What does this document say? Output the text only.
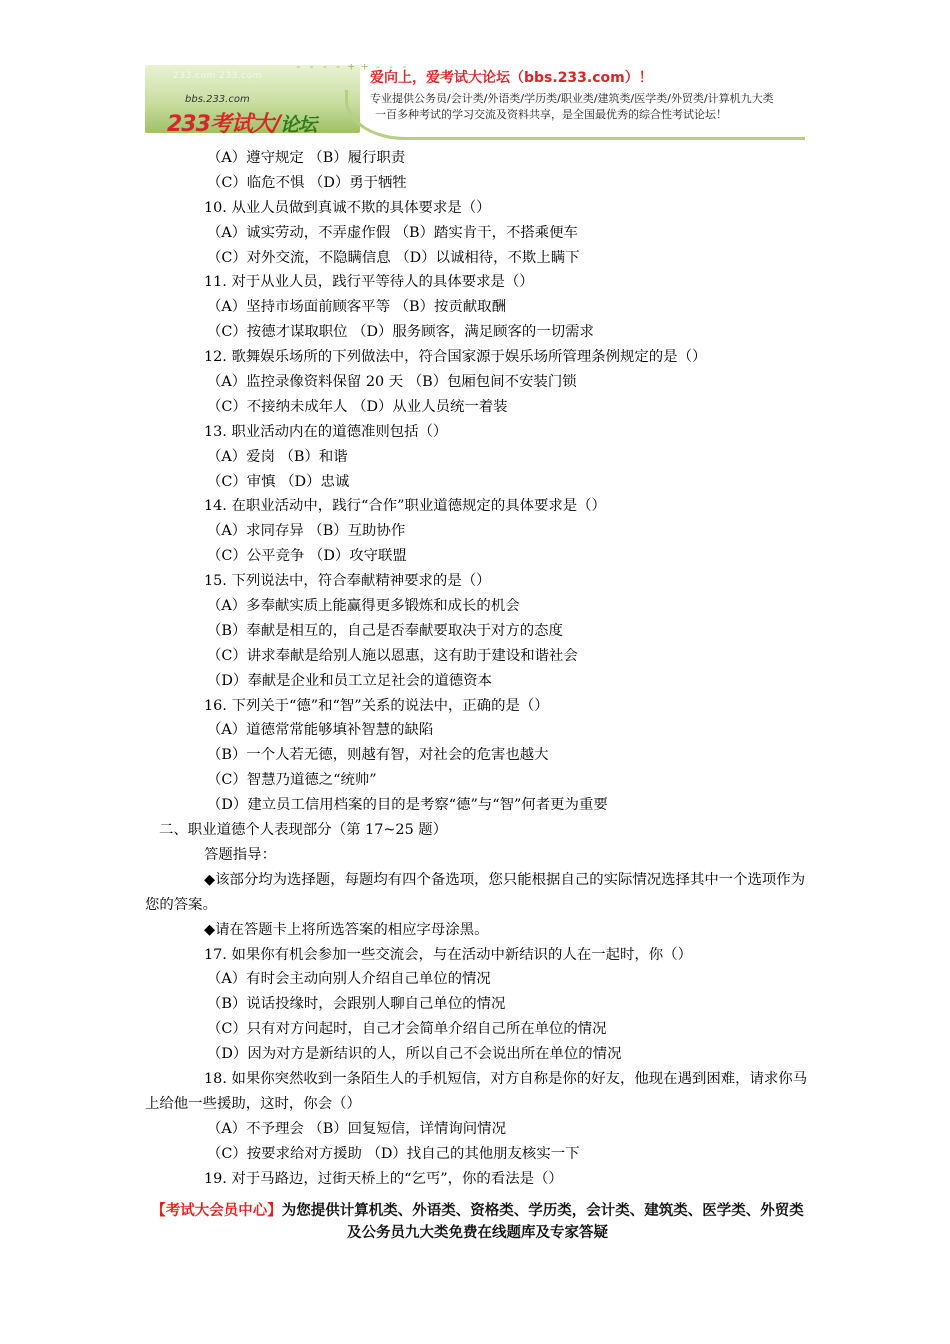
233.com 233.com
bbs.233.com
233考试大/论坛
- - - - + + - - -
爱向上，爱考试大论坛（bbs.233.com）！
专业提供公务员/会计类/外语类/学历类/职业类/建筑类/医学类/外贸类/计算机九大类
一百多种考试的学习交流及资料共享，是全国最优秀的综合性考试论坛！
（A）遵守规定 （B）履行职责
（C）临危不惧 （D）勇于牺牲
10. 从业人员做到真诚不欺的具体要求是（）
（A）诚实劳动，不弄虚作假 （B）踏实肯干，不搭乘便车
（C）对外交流，不隐瞒信息 （D）以诚相待，不欺上瞒下
11. 对于从业人员，践行平等待人的具体要求是（）
（A）坚持市场面前顾客平等 （B）按贡献取酬
（C）按德才谋取职位 （D）服务顾客，满足顾客的一切需求
12. 歌舞娱乐场所的下列做法中，符合国家源于娱乐场所管理条例规定的是（）
（A）监控录像资料保留 20 天 （B）包厢包间不安装门锁
（C）不接纳未成年人 （D）从业人员统一着装
13. 职业活动内在的道德准则包括（）
（A）爱岗 （B）和谐
（C）审慎 （D）忠诚
14. 在职业活动中，践行“合作”职业道德规定的具体要求是（）
（A）求同存异 （B）互助协作
（C）公平竞争 （D）攻守联盟
15. 下列说法中，符合奉献精神要求的是（）
（A）多奉献实质上能赢得更多锻炼和成长的机会
（B）奉献是相互的，自己是否奉献要取决于对方的态度
（C）讲求奉献是给别人施以恩惠，这有助于建设和谐社会
（D）奉献是企业和员工立足社会的道德资本
16. 下列关于“德”和“智”关系的说法中，正确的是（）
（A）道德常常能够填补智慧的缺陷
（B）一个人若无德，则越有智，对社会的危害也越大
（C）智慧乃道德之“统帅”
（D）建立员工信用档案的目的是考察“德”与“智”何者更为重要
二、职业道德个人表现部分（第 17~25 题）
答题指导：
◆该部分均为选择题，每题均有四个备选项，您只能根据自己的实际情况选择其中一个选项作为您的答案。
◆请在答题卡上将所选答案的相应字母涂黑。
17. 如果你有机会参加一些交流会，与在活动中新结识的人在一起时，你（）
（A）有时会主动向别人介绍自己单位的情况
（B）说话投缘时，会跟别人聊自己单位的情况
（C）只有对方问起时，自己才会简单介绍自己所在单位的情况
（D）因为对方是新结识的人，所以自己不会说出所在单位的情况
18. 如果你突然收到一条陌生人的手机短信，对方自称是你的好友，他现在遇到困难，请求你马上给他一些援助，这时，你会（）
（A）不予理会 （B）回复短信，详情询问情况
（C）按要求给对方援助 （D）找自己的其他朋友核实一下
19. 对于马路边，过街天桥上的“乞丐”，你的看法是（）
【考试大会员中心】为您提供计算机类、外语类、资格类、学历类，会计类、建筑类、医学类、外贸类及公务员九大类免费在线题库及专家答疑
